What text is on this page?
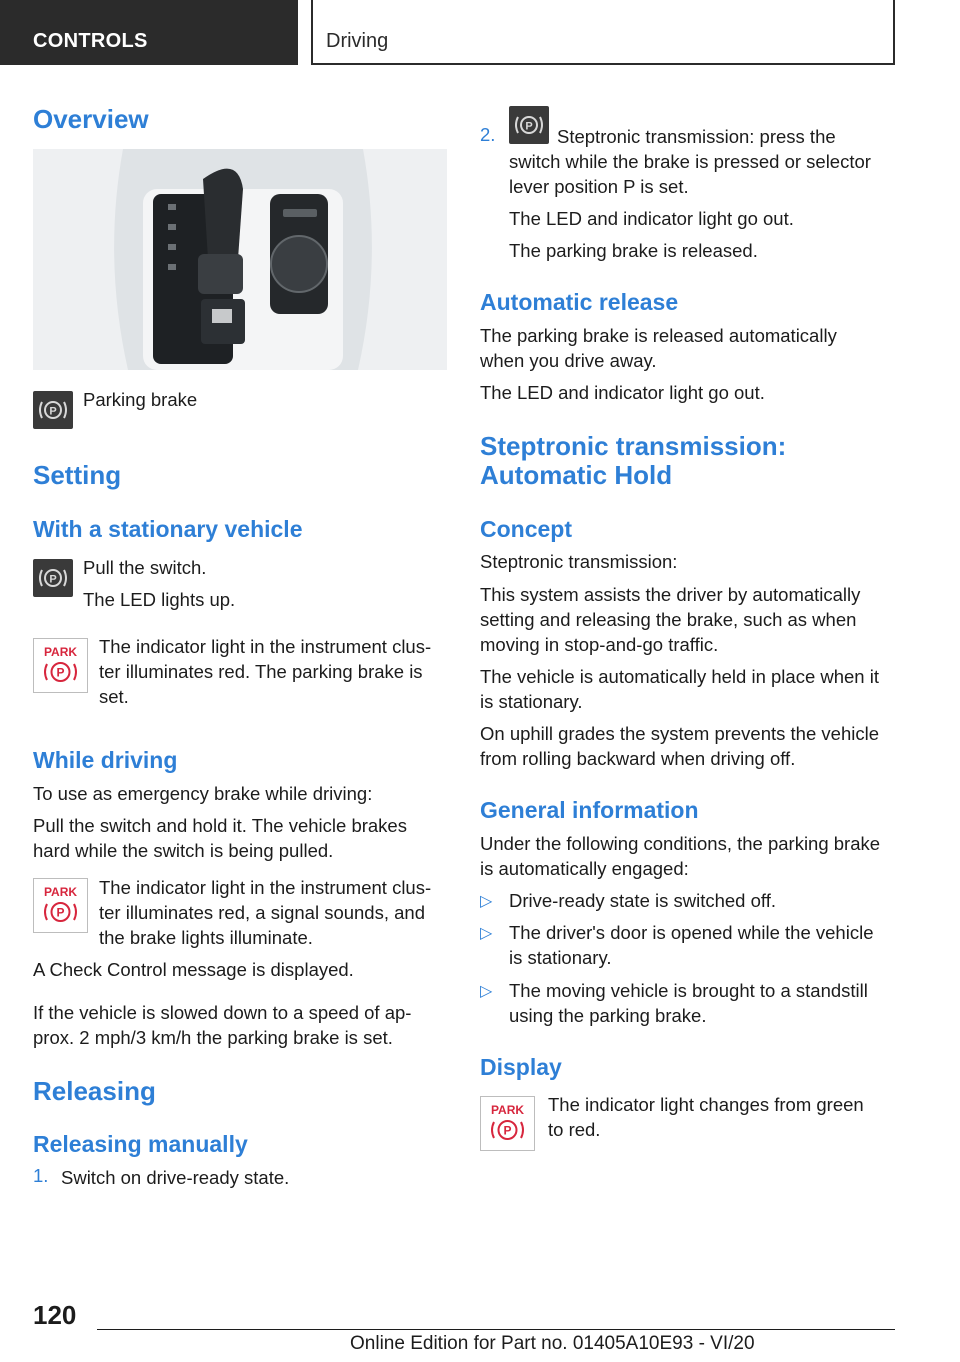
CONTROLS	Driving
Overview
P
Parking brake
Setting
With a stationary vehicle
P
Pull the switch.
The LED lights up.
PARK
P
The indicator light in the instrument clus-
ter illuminates red. The parking brake is
set.
While driving
To use as emergency brake while driving:
Pull the switch and hold it. The vehicle brakes
hard while the switch is being pulled.
PARK
P
The indicator light in the instrument clus-
ter illuminates red, a signal sounds, and
the brake lights illuminate.
A Check Control message is displayed.
If the vehicle is slowed down to a speed of ap-
prox. 2 mph/3 km/h the parking brake is set.
Releasing
Releasing manually
1. Switch on drive-ready state.
2.	P Steptronic transmission: press the
switch while the brake is pressed or selector
lever position P is set.
The LED and indicator light go out.
The parking brake is released.
Automatic release
The parking brake is released automatically
when you drive away.
The LED and indicator light go out.
Steptronic transmission:
Automatic Hold
Concept
Steptronic transmission:
This system assists the driver by automatically
setting and releasing the brake, such as when
moving in stop-and-go traffic.
The vehicle is automatically held in place when it
is stationary.
On uphill grades the system prevents the vehicle
from rolling backward when driving off.
General information
Under the following conditions, the parking brake
is automatically engaged:
▷ Drive-ready state is switched off.
▷ The driver's door is opened while the vehicle
is stationary.
▷ The moving vehicle is brought to a standstill
using the parking brake.
Display
PARK
P
The indicator light changes from green
to red.
120
Online Edition for Part no. 01405A10E93 - VI/20
